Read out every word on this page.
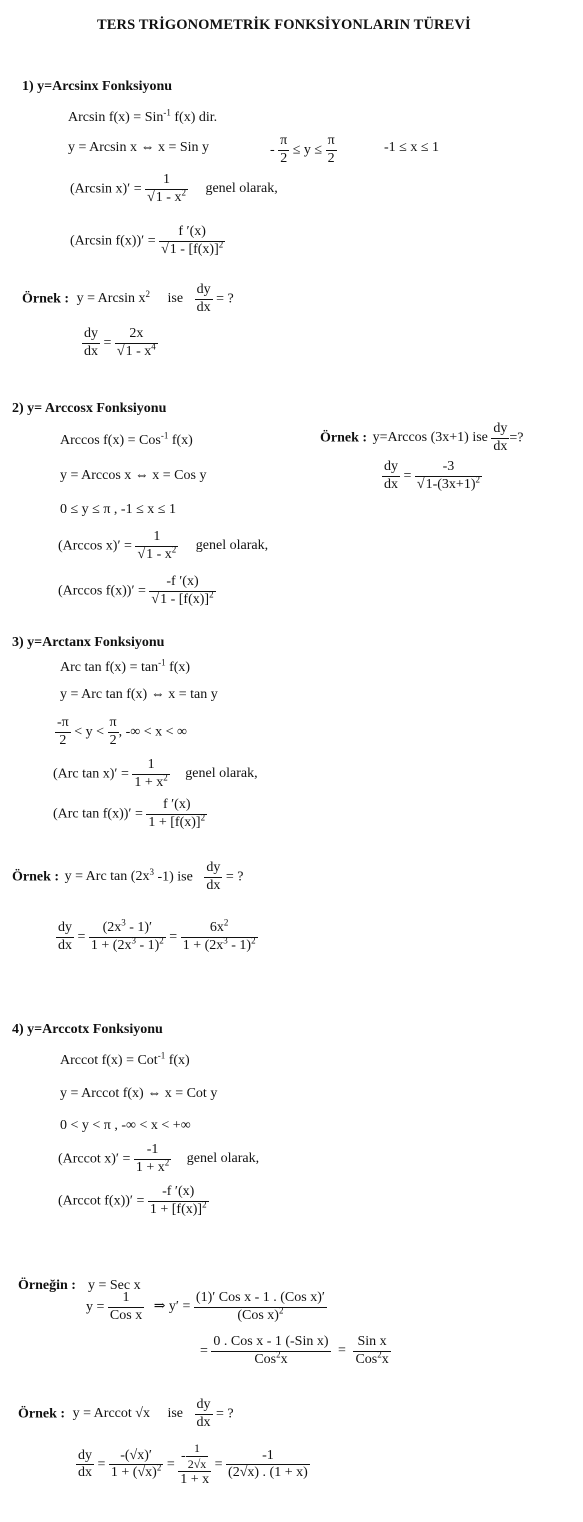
TERS TRİGONOMETRİK FONKSİYONLARIN TÜREVİ
1) y=Arcsinx Fonksiyonu
Arcsin f(x) = Sin$^{-1}$ f(x) dir.
y = Arcsin x ⇔ x = Sin y	- $\frac{\pi}{2} \le y \le \frac{\pi}{2}$	-1 ≤ x ≤ 1
(Arcsin $x)' = \frac{1}{√1 - x^2}$ genel olarak,
(Arcsin $f(x))' = \frac{f '(x)}{√1 - [f(x)]^2}$
Örnek : y = Arcsin $x^2$ ise $\frac{dy}{dx}$ = ?
$\frac{dy}{dx} = \frac{2x}{√1 - x^4}$
2) y= Arccosx Fonksiyonu
Arccos f(x) = Cos$^{-1}$ f(x)
y = Arccos x ⇔ x = Cos y
0 ≤ y ≤ π , -1 ≤ x ≤ 1
(Arccos $x)' = \frac{1}{√1 - x^2}$ genel olarak,
(Arccos $f(x))' = \frac{-f '(x)}{√1 - [f(x)]^2}$
Örnek : y=Arccos (3x+1) ise $\frac{dy}{dx}$ =?
$\frac{dy}{dx} = \frac{-3}{√1-(3x+1)^2}$
3) y=Arctanx Fonksiyonu
Arc $\tan f(x) = \tan^{-1} f(x)$
y = Arc tan f(x) ⇔ x = tan y
$\frac{-\pi}{2} < y < \frac{\pi}{2}$ , -∞ < x < ∞
(Arc $\tan x)' = \frac{1}{1 + x^2}$ genel olarak,
(Arc $\tan f(x))' = \frac{f '(x)}{1 + [f(x)]^2}$
Örnek : y = Arc $\tan (2x^3$ -1) ise $\frac{dy}{dx}$ = ?
$\frac{dy}{dx} = \frac{(2x^3 - 1)'}{1 + (2x^3 - 1)^2} = \frac{6x^2}{1 + (2x^3 - 1)^2}$
4) y=Arccotx Fonksiyonu
Arccot f(x) = Cot$^{-1}$ f(x)
y = Arccot f(x) ⇔ x = Cot y
0 < y < π , -∞ < x < +∞
(Arccot $x)' = \frac{-1}{1 + x^2}$ genel olarak,
(Arccot $f(x))' = \frac{-f '(x)}{1 + [f(x)]^2}$
Örneğin : y = Sec x
$y = \frac{1}{\text{Cos x}}$ ⇒ $y' = \frac{\text{(1)′ Cos x - 1 . (Cos x)′}}{(Cos x)^2}$
= $\frac{\text{0 . Cos x - 1 (-Sin x)}}{Cos^2x} = \frac{\text{Sin x}}{Cos^2x}$
Örnek : y = Arccot √x ise $\frac{dy}{dx}$ = ?
$\frac{dy}{dx} = \frac{-(√x)'}{1 + (√x)^2} = \frac{- \frac{1}{2√x}}{1 + x} = \frac{-1}{(2√x) . (1 + x)}$
